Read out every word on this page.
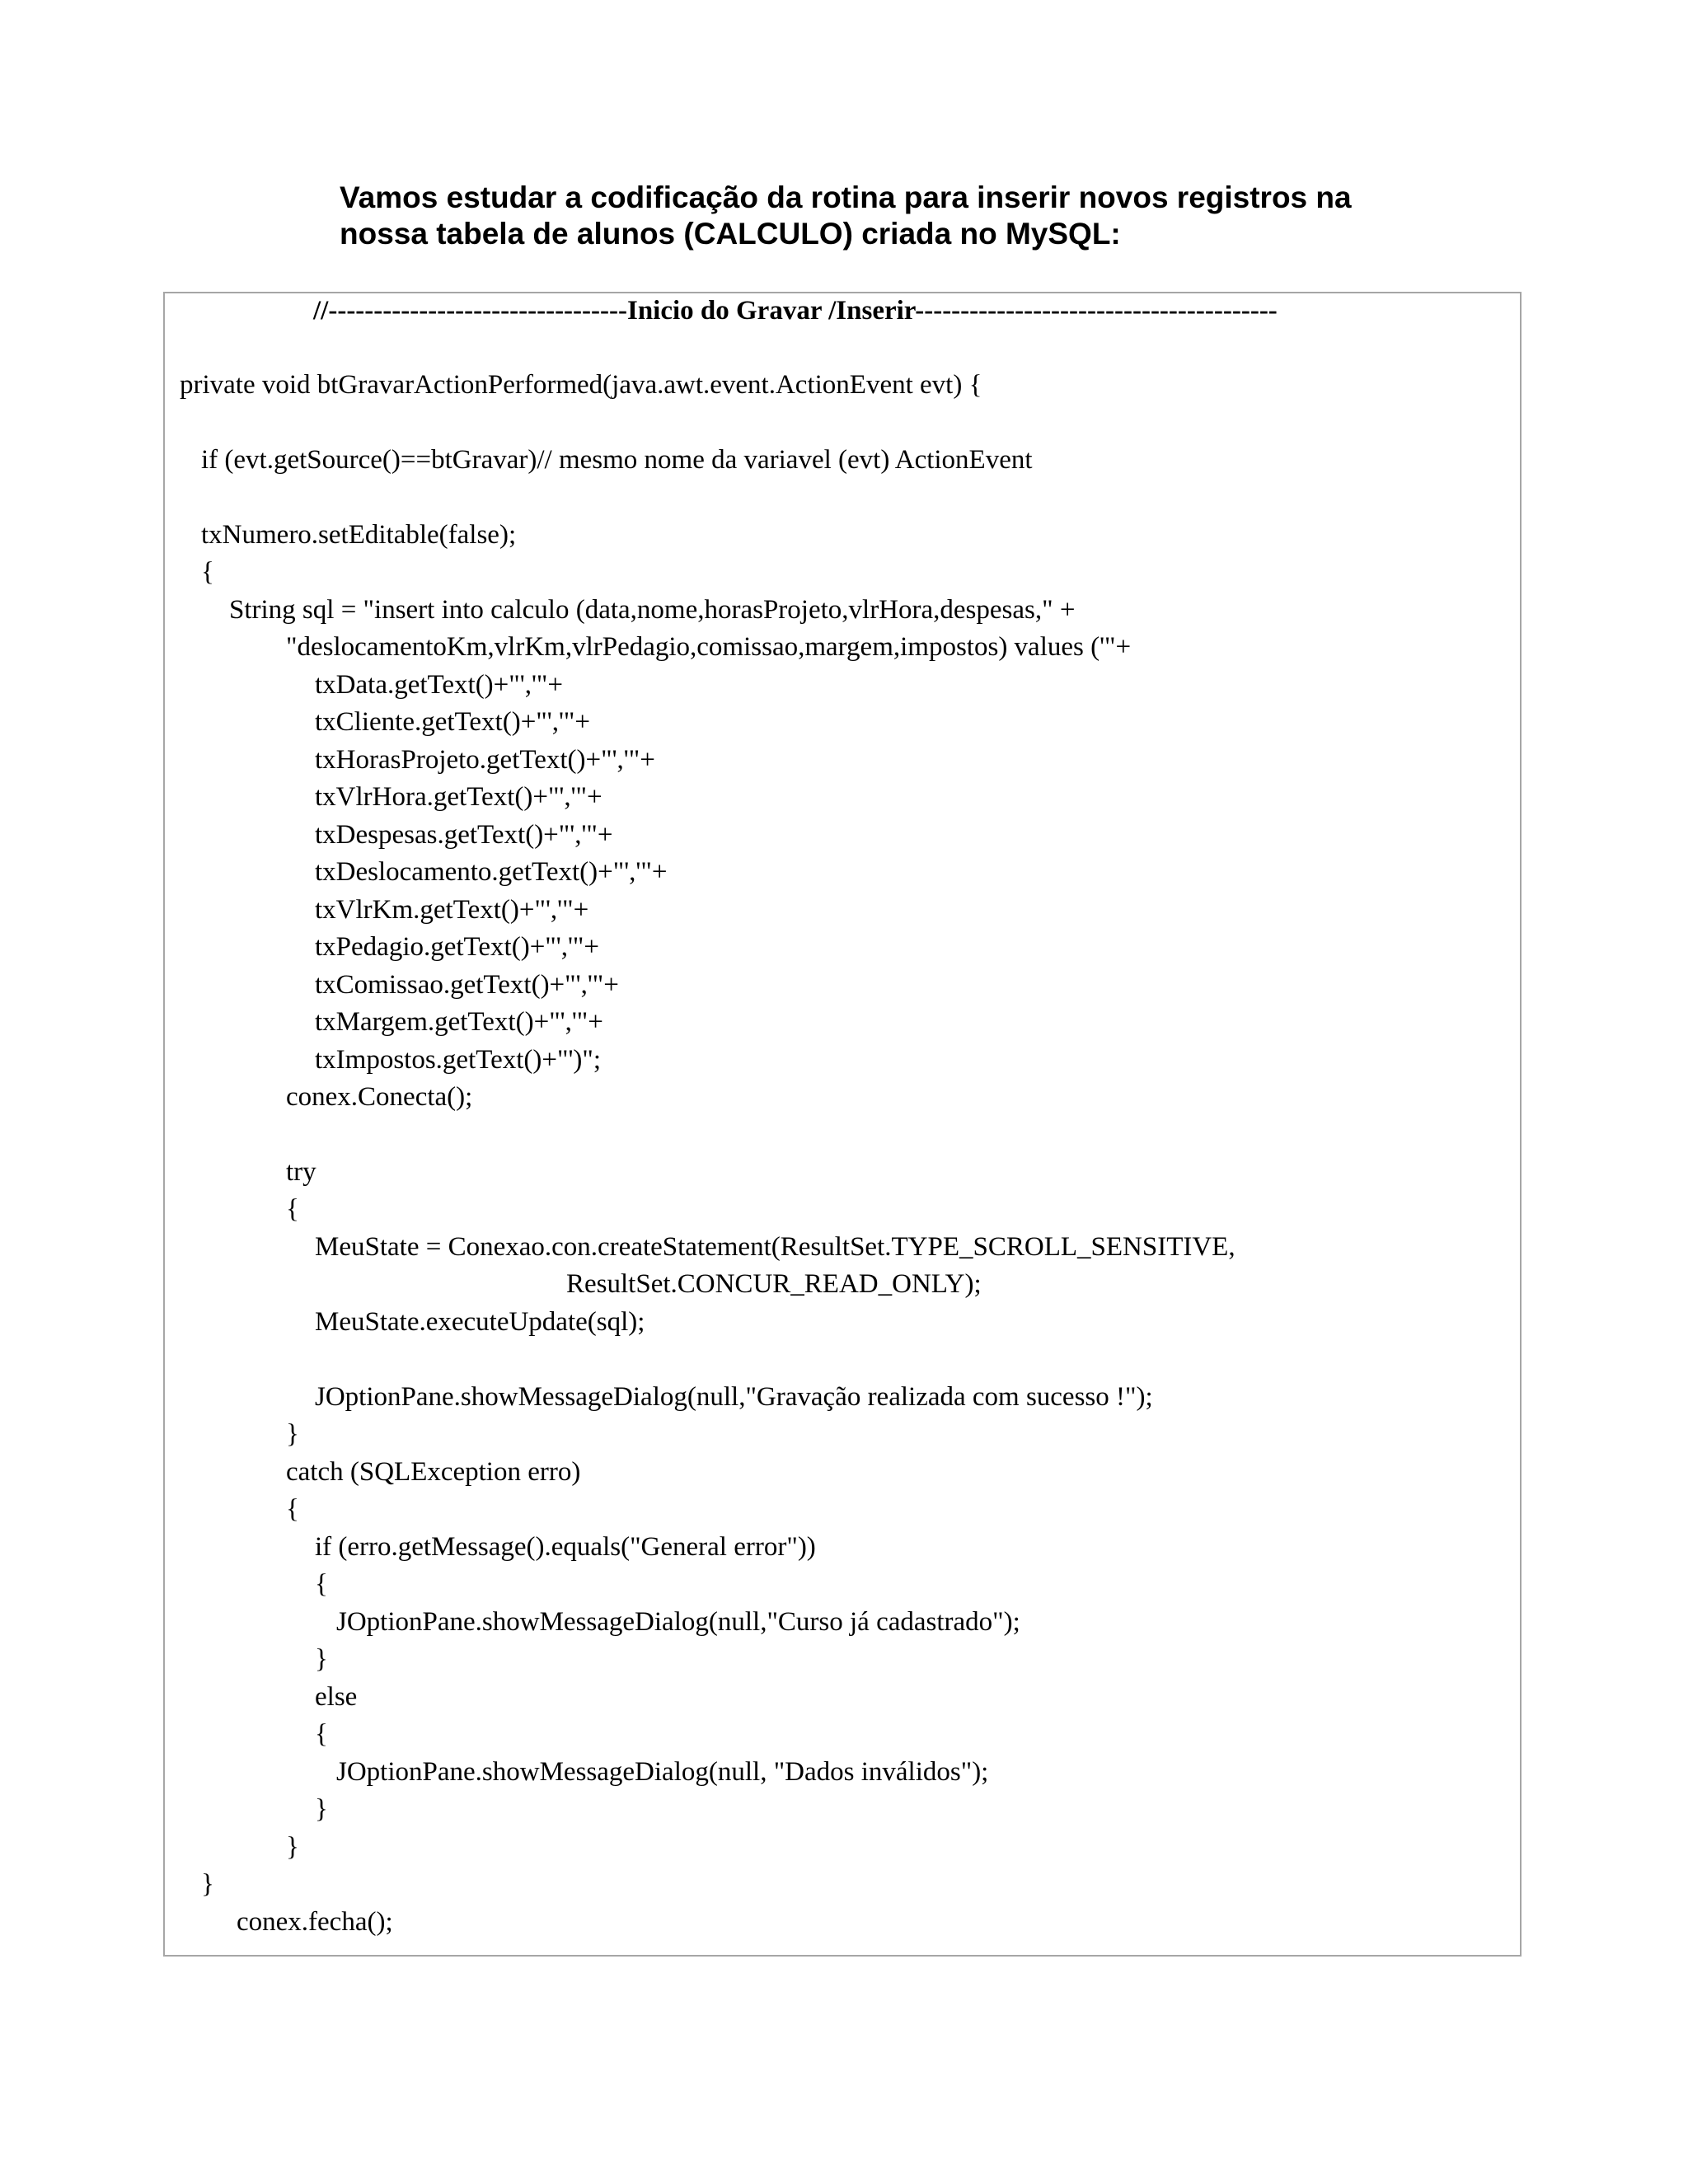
Vamos estudar a codificação da rotina para inserir novos registros na
nossa tabela de alunos (CALCULO) criada no MySQL:
//---------------------------------Inicio do Gravar /Inserir----------------------------------------
private void btGravarActionPerformed(java.awt.event.ActionEvent evt) {
if (evt.getSource()==btGravar)// mesmo nome da variavel (evt) ActionEvent
txNumero.setEditable(false);
{
String sql = "insert into calculo (data,nome,horasProjeto,vlrHora,despesas," +
"deslocamentoKm,vlrKm,vlrPedagio,comissao,margem,impostos) values ('"+
txData.getText()+"','"+
txCliente.getText()+"','"+
txHorasProjeto.getText()+"','"+
txVlrHora.getText()+"','"+
txDespesas.getText()+"','"+
txDeslocamento.getText()+"','"+
txVlrKm.getText()+"','"+
txPedagio.getText()+"','"+
txComissao.getText()+"','"+
txMargem.getText()+"','"+
txImpostos.getText()+"')";
conex.Conecta();
try
{
MeuState = Conexao.con.createStatement(ResultSet.TYPE_SCROLL_SENSITIVE,
ResultSet.CONCUR_READ_ONLY);
MeuState.executeUpdate(sql);
JOptionPane.showMessageDialog(null,"Gravação realizada com sucesso !");
}
catch (SQLException erro)
{
if (erro.getMessage().equals("General error"))
{
JOptionPane.showMessageDialog(null,"Curso já cadastrado");
}
else
{
JOptionPane.showMessageDialog(null, "Dados inválidos");
}
}
}
conex.fecha();
